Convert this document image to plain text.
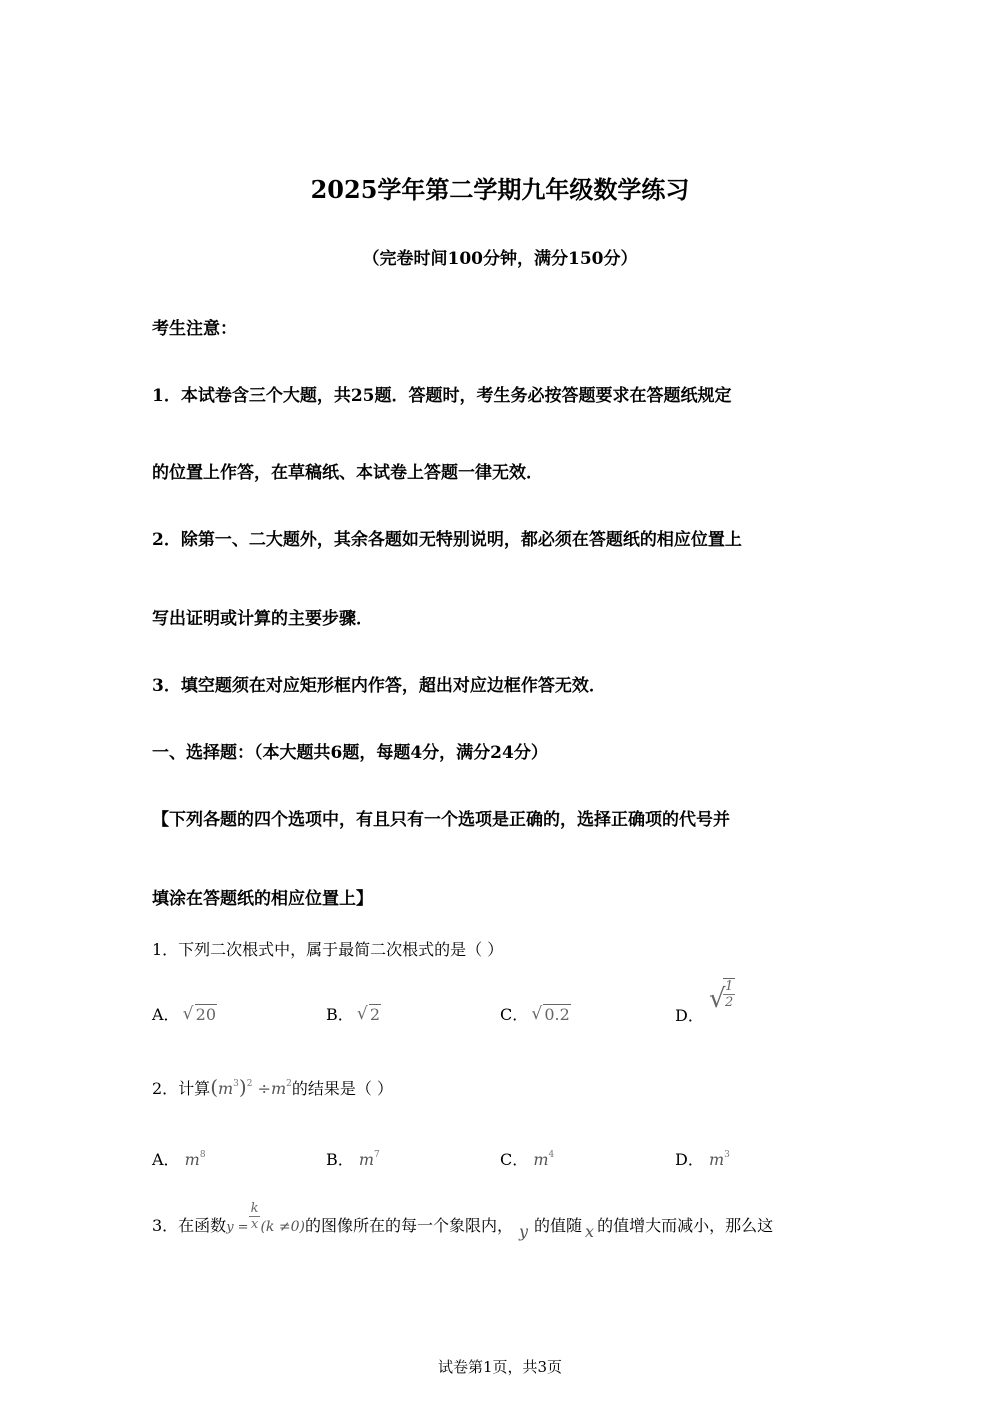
2025学年第二学期九年级数学练习
（完卷时间100分钟，满分150分）
考生注意：
1．本试卷含三个大题，共25题．答题时，考生务必按答题要求在答题纸规定
的位置上作答，在草稿纸、本试卷上答题一律无效．
2．除第一、二大题外，其余各题如无特别说明，都必须在答题纸的相应位置上
写出证明或计算的主要步骤．
3．填空题须在对应矩形框内作答，超出对应边框作答无效．
一、选择题：（本大题共6题，每题4分，满分24分）
【下列各题的四个选项中，有且只有一个选项是正确的，选择正确项的代号并
填涂在答题纸的相应位置上】
1．下列二次根式中，属于最简二次根式的是（ ）
A． √ 20	B． √ 2	C． √ 0.2	D．
√
$\frac{1}{2}$
2．计算$(m^3)^2 \div m^2$的结果是（ ）
A． $m^8$	B． $m^7$	C． $m^4$	D． $m^3$
3．在函数$y = \frac{k}{x} (k \ne 0)$的图像所在的每一个象限内， y 的值随 x 的值增大而减小，那么这
试卷第1页，共3页
